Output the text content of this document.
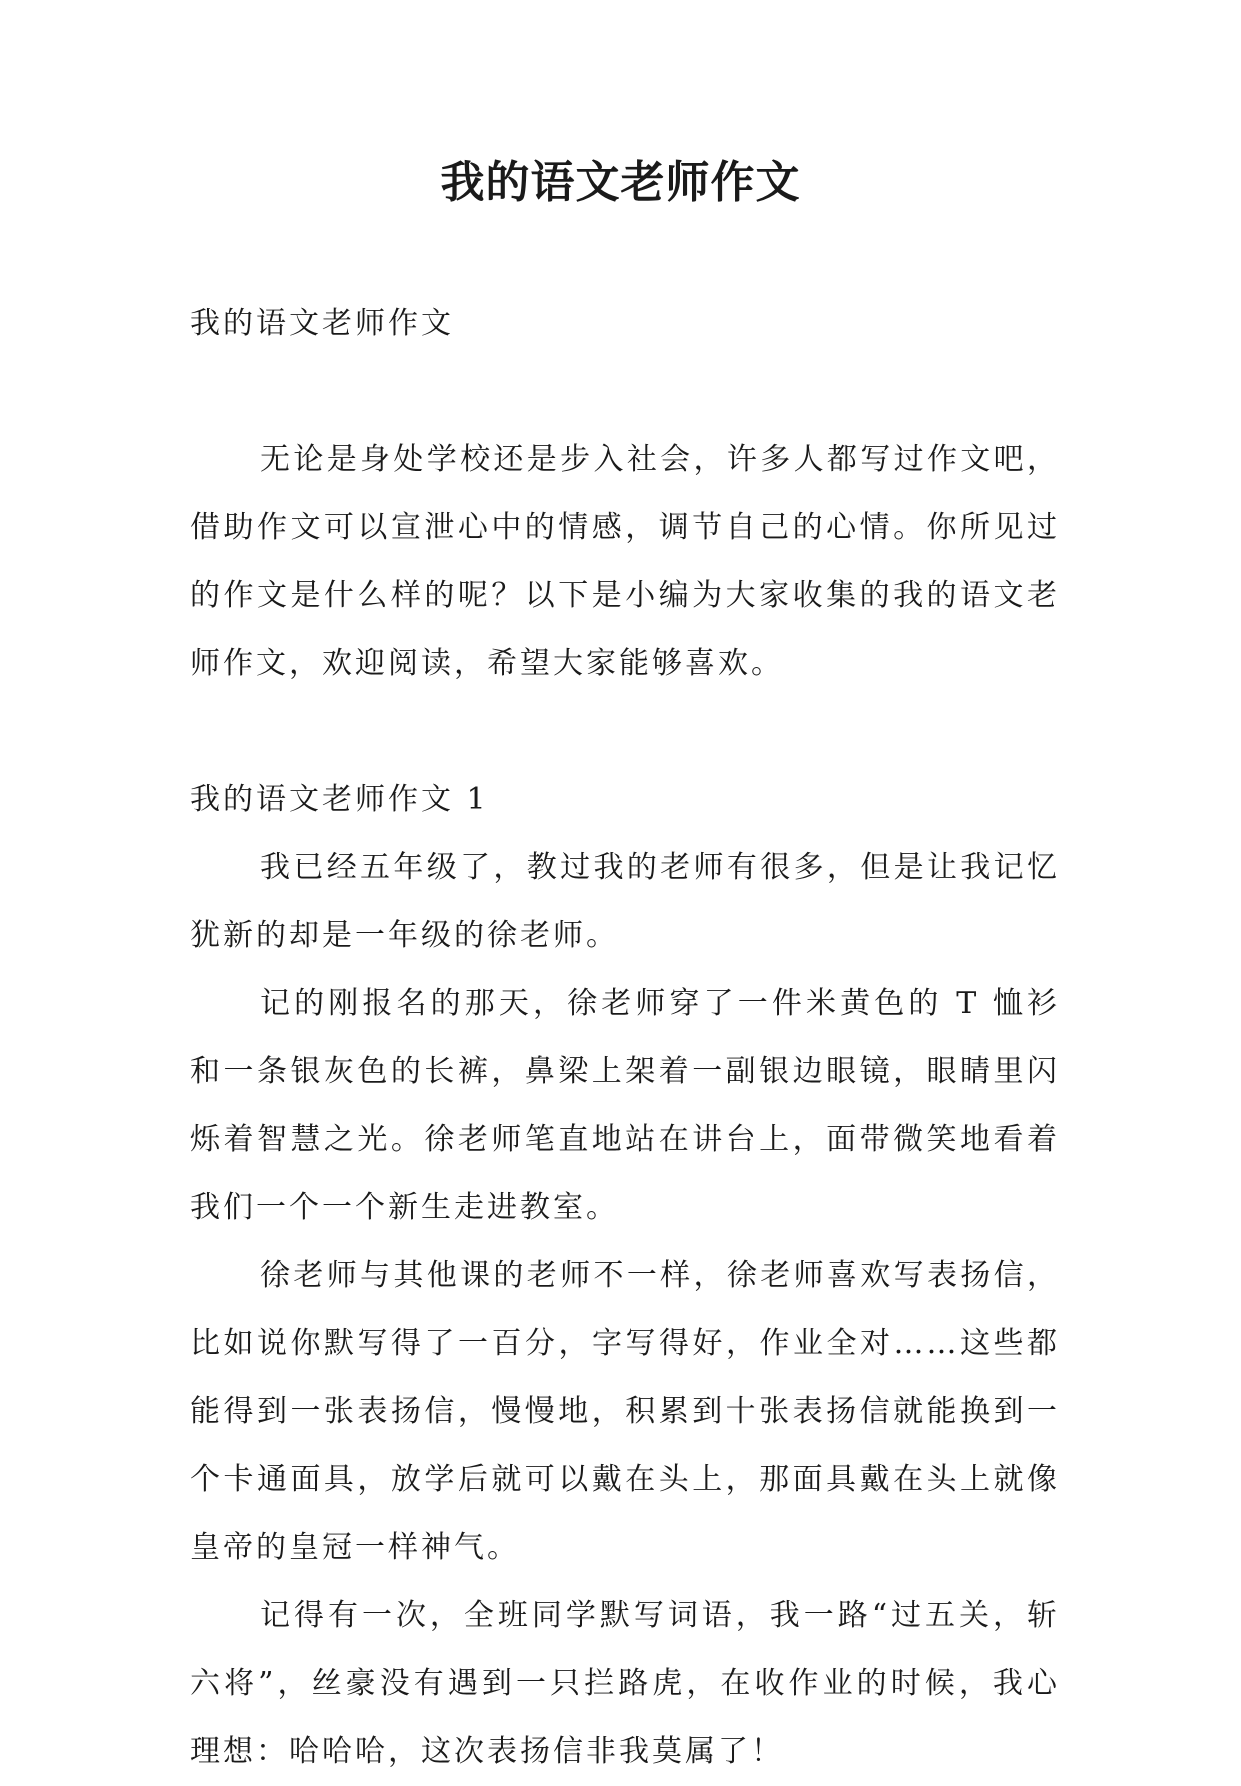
我的语文老师作文

我的语文老师作文

无论是身处学校还是步入社会，许多人都写过作文吧，借助作文可以宣泄心中的情感，调节自己的心情。你所见过的作文是什么样的呢？以下是小编为大家收集的我的语文老师作文，欢迎阅读，希望大家能够喜欢。

我的语文老师作文 1

我已经五年级了，教过我的老师有很多，但是让我记忆犹新的却是一年级的徐老师。

记的刚报名的那天，徐老师穿了一件米黄色的 T 恤衫和一条银灰色的长裤，鼻梁上架着一副银边眼镜，眼睛里闪烁着智慧之光。徐老师笔直地站在讲台上，面带微笑地看着我们一个一个新生走进教室。

徐老师与其他课的老师不一样，徐老师喜欢写表扬信，比如说你默写得了一百分，字写得好，作业全对……这些都能得到一张表扬信，慢慢地，积累到十张表扬信就能换到一个卡通面具，放学后就可以戴在头上，那面具戴在头上就像皇帝的皇冠一样神气。

记得有一次，全班同学默写词语，我一路“过五关，斩六将”，丝豪没有遇到一只拦路虎，在收作业的时候，我心理想：哈哈哈，这次表扬信非我莫属了！
